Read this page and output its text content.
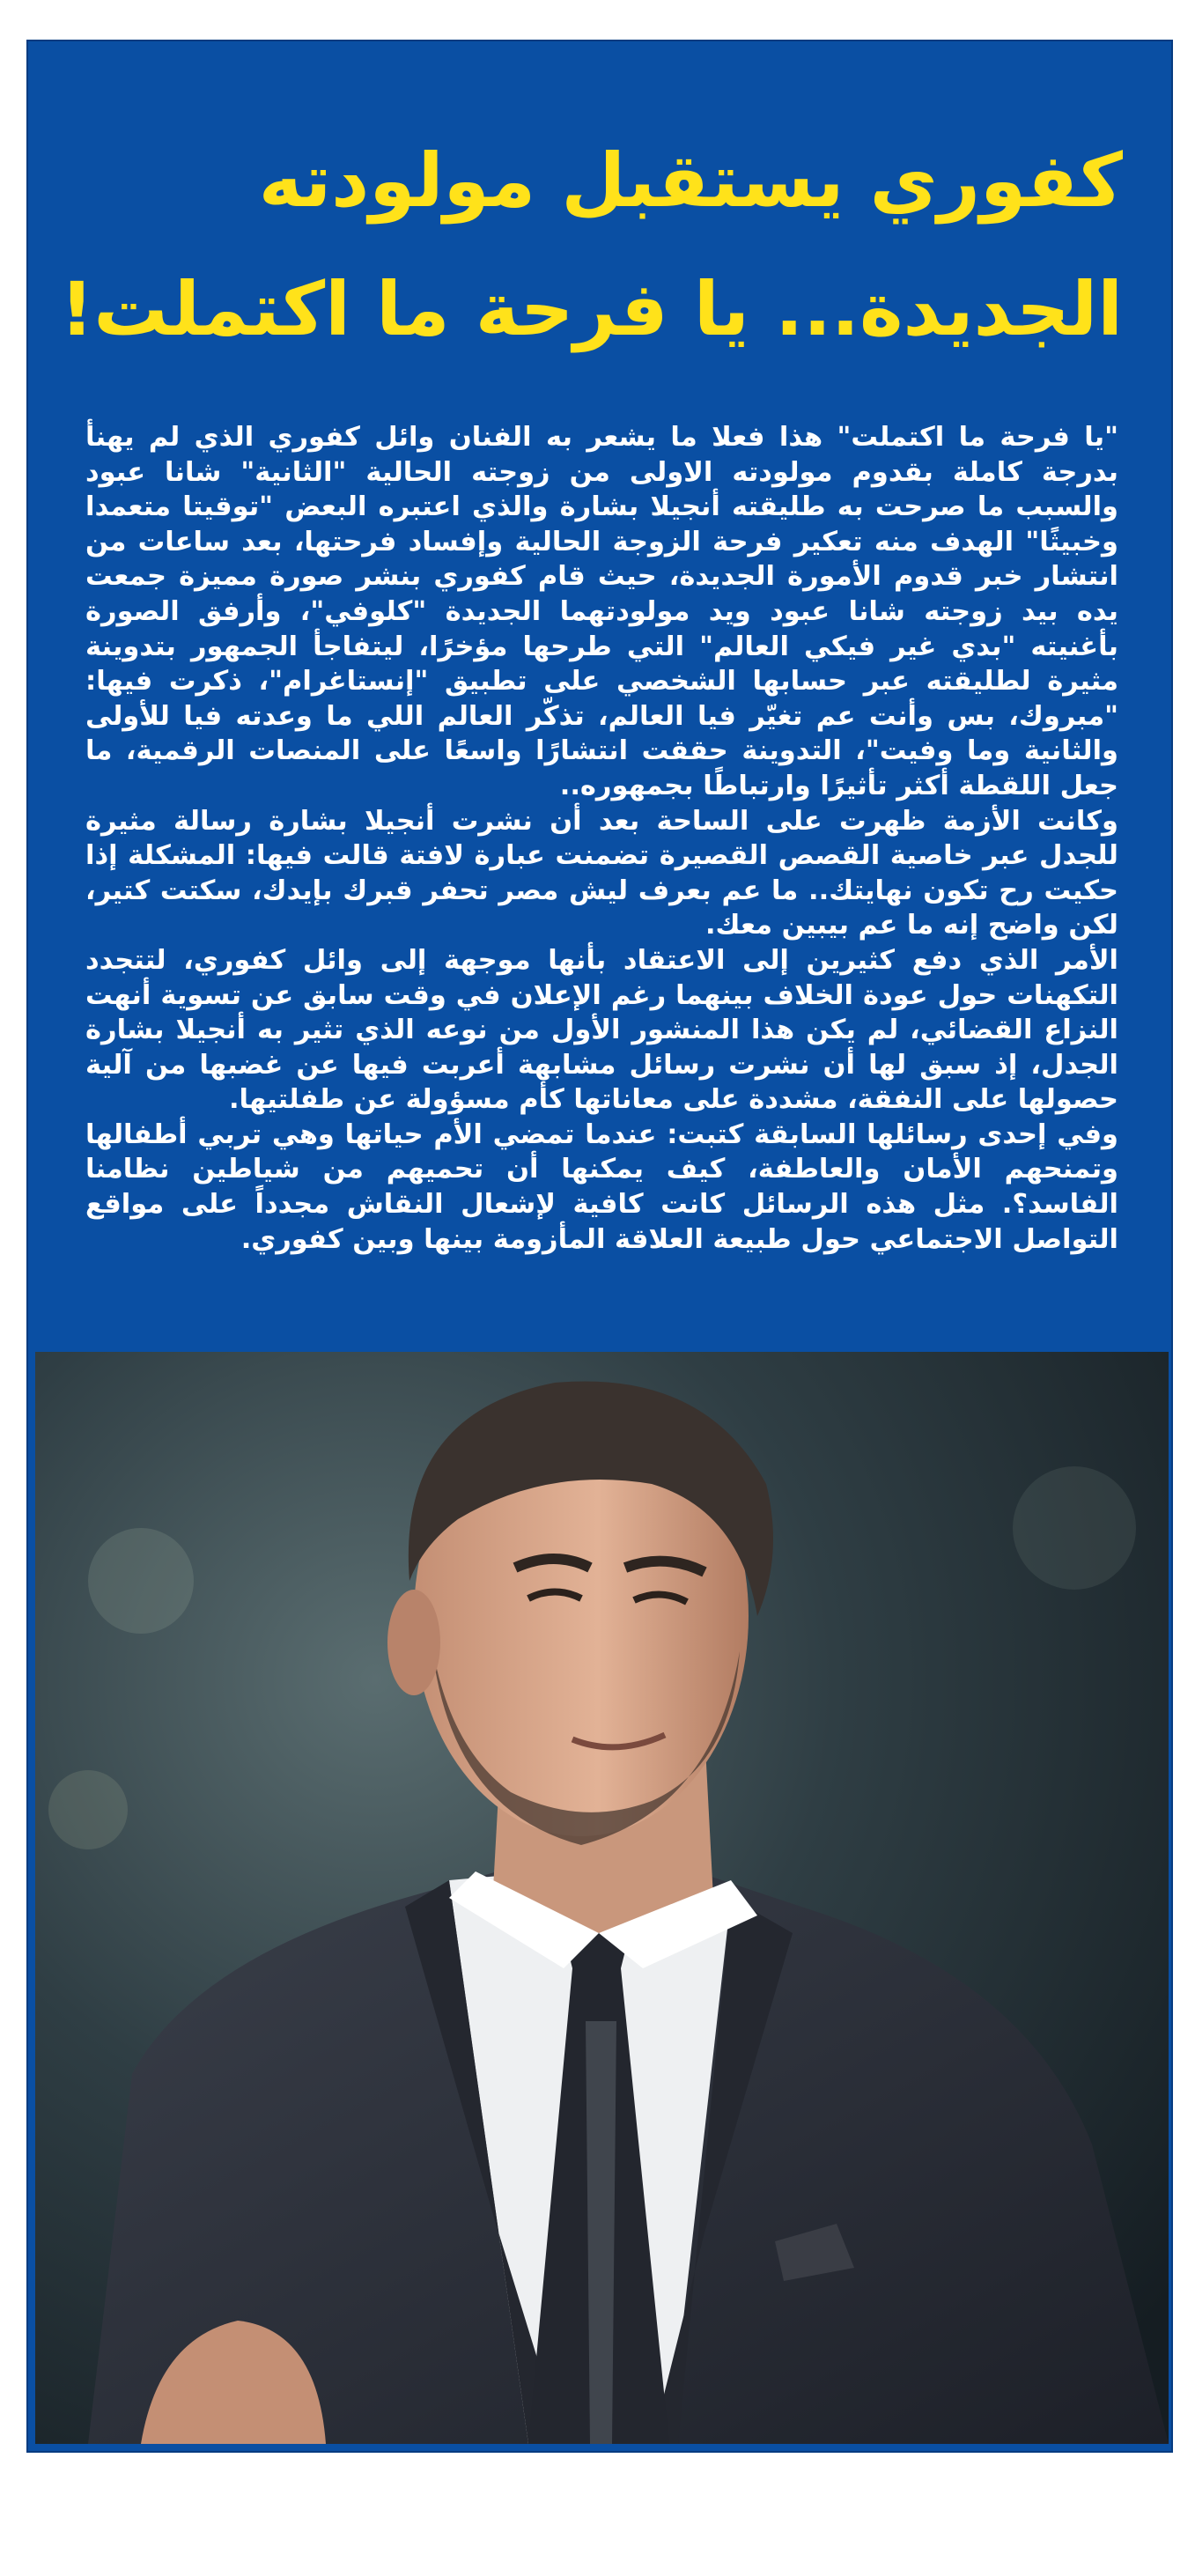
كفوري يستقبل مولودته
الجديدة... يا فرحة ما اكتملت!

"يا فرحة ما اكتملت" هذا فعلا ما يشعر به الفنان وائل كفوري الذي لم يهنأ بدرجة كاملة بقدوم مولودته الاولى من زوجته الحالية "الثانية" شانا عبود والسبب ما صرحت به طليقته أنجيلا بشارة والذي اعتبره البعض "توقيتا متعمدا وخبيثًا" الهدف منه تعكير فرحة الزوجة الحالية وإفساد فرحتها، بعد ساعات من انتشار خبر قدوم الأمورة الجديدة، حيث قام كفوري بنشر صورة مميزة جمعت يده بيد زوجته شانا عبود ويد مولودتهما الجديدة "كلوفي"، وأرفق الصورة بأغنيته "بدي غير فيكي العالم" التي طرحها مؤخرًا، ليتفاجأ الجمهور بتدوينة مثيرة لطليقته عبر حسابها الشخصي على تطبيق "إنستاغرام"، ذكرت فيها: "مبروك، بس وأنت عم تغيّر فيا العالم، تذكّر العالم اللي ما وعدته فيا للأولى والثانية وما وفيت"، التدوينة حققت انتشارًا واسعًا على المنصات الرقمية، ما جعل اللقطة أكثر تأثيرًا وارتباطًا بجمهوره..

وكانت الأزمة ظهرت على الساحة بعد أن نشرت أنجيلا بشارة رسالة مثيرة للجدل عبر خاصية القصص القصيرة تضمنت عبارة لافتة قالت فيها: المشكلة إذا حكيت رح تكون نهايتك.. ما عم بعرف ليش مصر تحفر قبرك بإيدك، سكتت كتير، لكن واضح إنه ما عم بيبين معك.

الأمر الذي دفع كثيرين إلى الاعتقاد بأنها موجهة إلى وائل كفوري، لتتجدد التكهنات حول عودة الخلاف بينهما رغم الإعلان في وقت سابق عن تسوية أنهت النزاع القضائي، لم يكن هذا المنشور الأول من نوعه الذي تثير به أنجيلا بشارة الجدل، إذ سبق لها أن نشرت رسائل مشابهة أعربت فيها عن غضبها من آلية حصولها على النفقة، مشددة على معاناتها كأم مسؤولة عن طفلتيها.

وفي إحدى رسائلها السابقة كتبت: عندما تمضي الأم حياتها وهي تربي أطفالها وتمنحهم الأمان والعاطفة، كيف يمكنها أن تحميهم من شياطين نظامنا الفاسد؟. مثل هذه الرسائل كانت كافية لإشعال النقاش مجدداً على مواقع التواصل الاجتماعي حول طبيعة العلاقة المأزومة بينها وبين كفوري.
